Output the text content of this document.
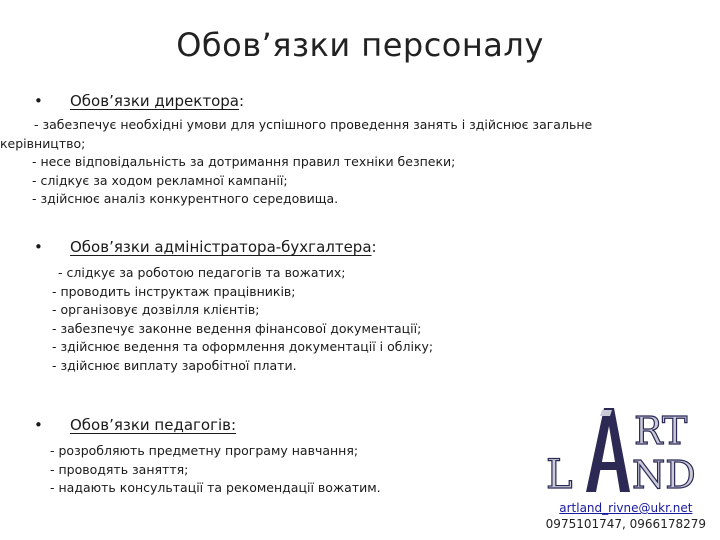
Обов’язки персоналу
• Обов’язки директора:
- забезпечує необхідні умови для успішного проведення занять і здійснює загальне
керівництво;
- несе відповідальність за дотримання правил техніки безпеки;
- слідкує за ходом рекламної кампанії;
- здійснює аналіз конкурентного середовища.
• Обов’язки адміністратора-бухгалтера:
- слідкує за роботою педагогів та вожатих;
- проводить інструктаж працівників;
- організовує дозвілля клієнтів;
- забезпечує законне ведення фінансової документації;
- здійснює ведення та оформлення документації і обліку;
- здійснює виплату заробітної плати.
• Обов’язки педагогів:
- розробляють предметну програму навчання;
- проводять заняття;
- надають консультації та рекомендації вожатим.
RT
L ND
artland_rivne@ukr.net
0975101747, 0966178279
